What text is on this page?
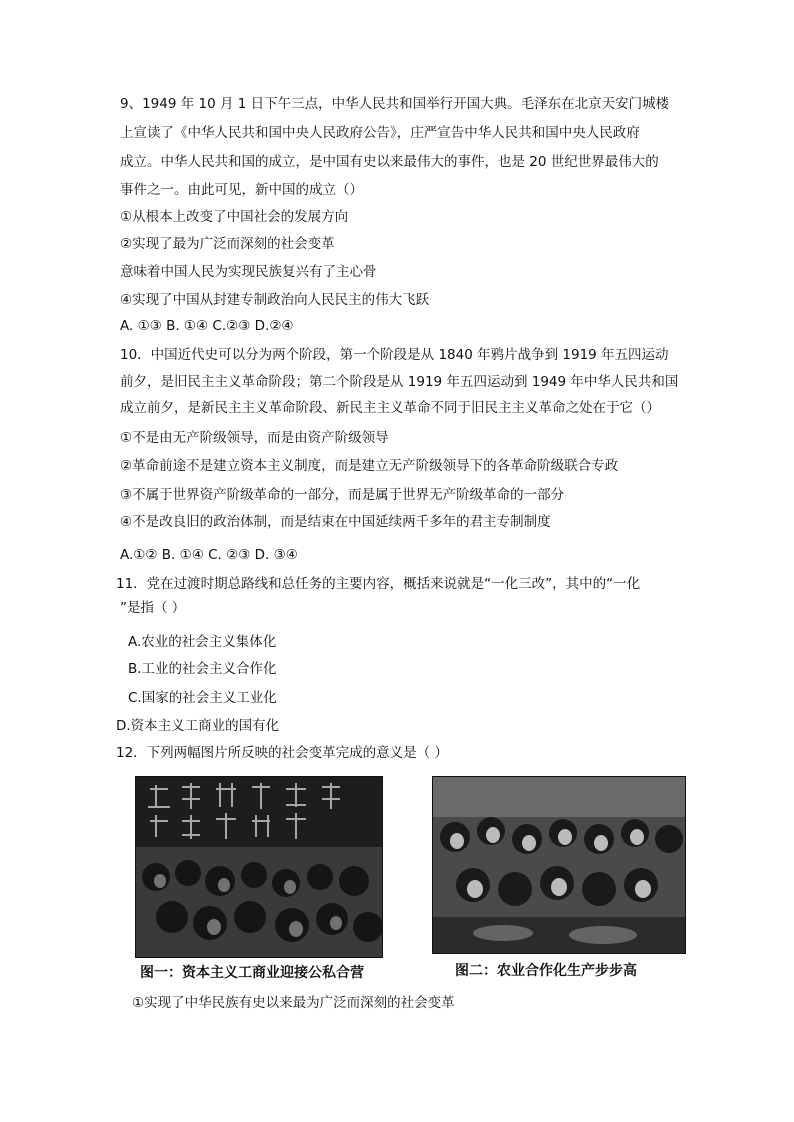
9、1949 年 10 月 1 日下午三点，中华人民共和国举行开国大典。毛泽东在北京天安门城楼
上宣读了《中华人民共和国中央人民政府公告》，庄严宣告中华人民共和国中央人民政府
成立。中华人民共和国的成立，是中国有史以来最伟大的事件，也是 20 世纪世界最伟大的
事件之一。由此可见，新中国的成立（）
①从根本上改变了中国社会的发展方向
②实现了最为广泛而深刻的社会变革
意味着中国人民为实现民族复兴有了主心骨
④实现了中国从封建专制政治向人民民主的伟大飞跃
A. ①③ B. ①④ C.②③ D.②④
10．中国近代史可以分为两个阶段，第一个阶段是从 1840 年鸦片战争到 1919 年五四运动
前夕，是旧民主主义革命阶段；第二个阶段是从 1919 年五四运动到 1949 年中华人民共和国
成立前夕，是新民主主义革命阶段、新民主主义革命不同于旧民主主义革命之处在于它（）
①不是由无产阶级领导，而是由资产阶级领导
②革命前途不是建立资本主义制度，而是建立无产阶级领导下的各革命阶级联合专政
③不属于世界资产阶级革命的一部分，而是属于世界无产阶级革命的一部分
④不是改良旧的政治体制，而是结束在中国延续两千多年的君主专制制度
A.①② B. ①④ C. ②③ D. ③④
11．党在过渡时期总路线和总任务的主要内容，概括来说就是“一化三改”，其中的“一化
”是指（ ）
A.农业的社会主义集体化
B.工业的社会主义合作化
C.国家的社会主义工业化
D.资本主义工商业的国有化
12．下列两幅图片所反映的社会变革完成的意义是（ ）
图一：资本主义工商业迎接公私合营	图二：农业合作化生产步步高
①实现了中华民族有史以来最为广泛而深刻的社会变革
